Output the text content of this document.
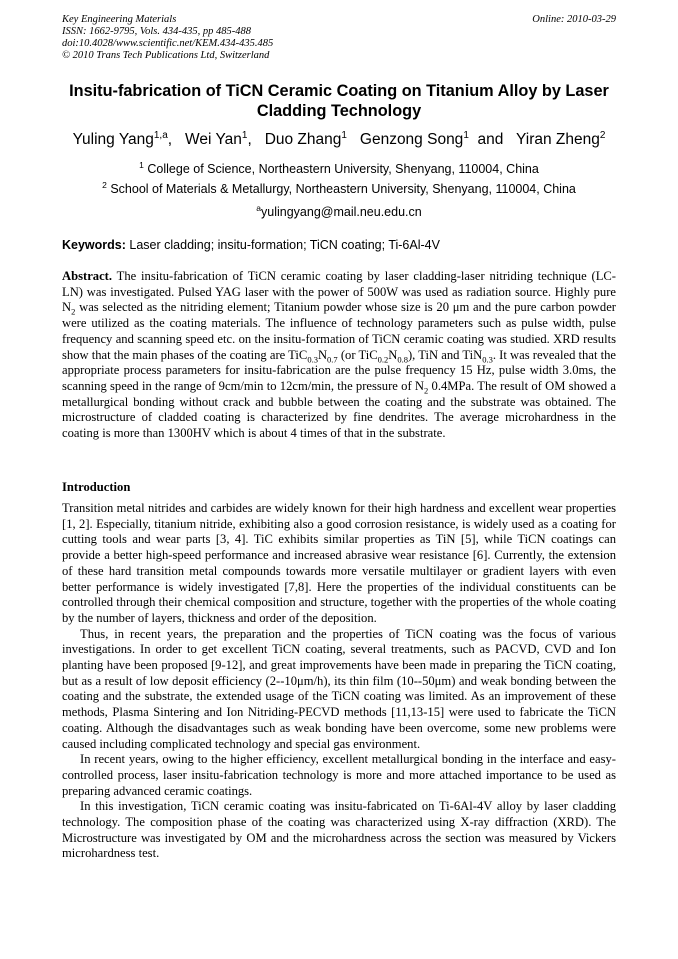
Key Engineering Materials
ISSN: 1662-9795, Vols. 434-435, pp 485-488
doi:10.4028/www.scientific.net/KEM.434-435.485
© 2010 Trans Tech Publications Ltd, Switzerland
Online: 2010-03-29
Insitu-fabrication of TiCN Ceramic Coating on Titanium Alloy by Laser Cladding Technology
Yuling Yang$^{1,a}$,   Wei Yan$^1$,   Duo Zhang$^1$ Genzong Song$^1$  and   Yiran Zheng$^2$
$^1$ College of Science, Northeastern University, Shenyang, 110004, China
$^2$ School of Materials & Metallurgy, Northeastern University, Shenyang, 110004, China
$^a$yulingyang@mail.neu.edu.cn
Keywords: Laser cladding; insitu-formation; TiCN coating; Ti-6Al-4V
Abstract. The insitu-fabrication of TiCN ceramic coating by laser cladding-laser nitriding technique (LC-LN) was investigated. Pulsed YAG laser with the power of 500W was used as radiation source. Highly pure $N_2$ was selected as the nitriding element; Titanium powder whose size is 20 μm and the pure carbon powder were utilized as the coating materials. The influence of technology parameters such as pulse width, pulse frequency and scanning speed etc. on the insitu-formation of TiCN ceramic coating was studied. XRD results show that the main phases of the coating are $TiC_{0.3}N_{0.7}$ (or $TiC_{0.2}N_{0.8}$), TiN and TiN$_{0.3}$. It was revealed that the appropriate process parameters for insitu-fabrication are the pulse frequency 15 Hz, pulse width 3.0ms, the scanning speed in the range of 9cm/min to 12cm/min, the pressure of $N_2$ 0.4MPa. The result of OM showed a metallurgical bonding without crack and bubble between the coating and the substrate was obtained. The microstructure of cladded coating is characterized by fine dendrites. The average microhardness in the coating is more than 1300HV which is about 4 times of that in the substrate.
Introduction

Transition metal nitrides and carbides are widely known for their high hardness and excellent wear properties [1, 2]. Especially, titanium nitride, exhibiting also a good corrosion resistance, is widely used as a coating for cutting tools and wear parts [3, 4]. TiC exhibits similar properties as TiN [5], while TiCN coatings can provide a better high-speed performance and increased abrasive wear resistance [6]. Currently, the extension of these hard transition metal compounds towards more versatile multilayer or gradient layers with even better performance is widely investigated [7,8]. Here the properties of the individual constituents can be controlled through their chemical composition and structure, together with the properties of the whole coating by the number of layers, thickness and order of the deposition.

Thus, in recent years, the preparation and the properties of TiCN coating was the focus of various investigations. In order to get excellent TiCN coating, several treatments, such as PACVD, CVD and Ion planting have been proposed [9-12], and great improvements have been made in preparing the TiCN coating, but as a result of low deposit efficiency (2--10μm/h), its thin film (10--50μm) and weak bonding between the coating and the substrate, the extended usage of the TiCN coating was limited. As an improvement of these methods, Plasma Sintering and Ion Nitriding-PECVD methods [11,13-15] were used to fabricate the TiCN coating. Although the disadvantages such as weak bonding have been overcome, some new problems were caused including complicated technology and special gas environment.

In recent years, owing to the higher efficiency, excellent metallurgical bonding in the interface and easy-controlled process, laser insitu-fabrication technology is more and more attached importance to be used as preparing advanced ceramic coatings.

In this investigation, TiCN ceramic coating was insitu-fabricated on Ti-6Al-4V alloy by laser cladding technology. The composition phase of the coating was characterized using X-ray diffraction (XRD). The Microstructure was investigated by OM and the microhardness across the section was measured by Vickers microhardness test.
